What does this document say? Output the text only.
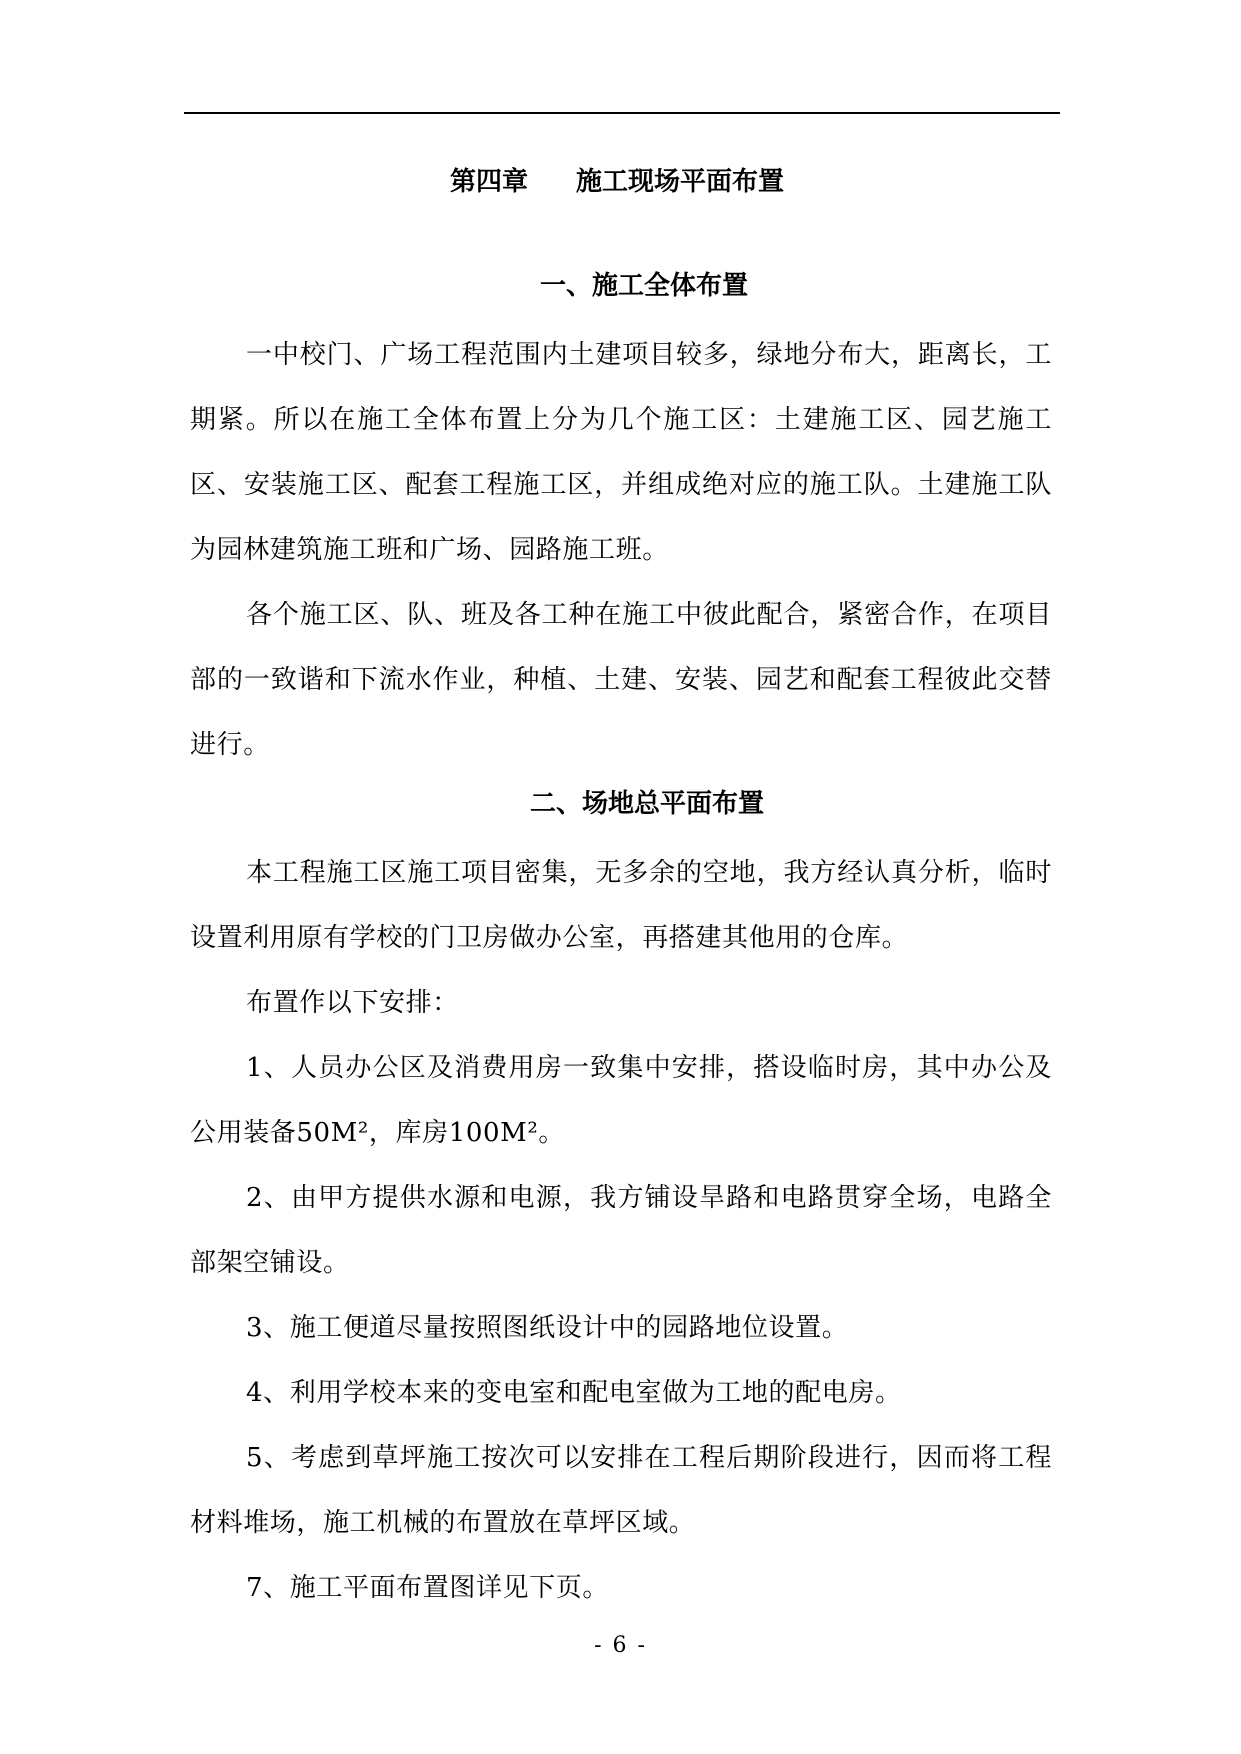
第四章 施工现场平面布置
一、施工全体布置

一中校门、广场工程范围内土建项目较多，绿地分布大，距离长，工期紧。所以在施工全体布置上分为几个施工区：土建施工区、园艺施工区、安装施工区、配套工程施工区，并组成绝对应的施工队。土建施工队为园林建筑施工班和广场、园路施工班。

各个施工区、队、班及各工种在施工中彼此配合，紧密合作，在项目部的一致谐和下流水作业，种植、土建、安装、园艺和配套工程彼此交替进行。

二、场地总平面布置

本工程施工区施工项目密集，无多余的空地，我方经认真分析，临时设置利用原有学校的门卫房做办公室，再搭建其他用的仓库。

布置作以下安排：

1、人员办公区及消费用房一致集中安排，搭设临时房，其中办公及公用装备50M²，库房100M²。

2、由甲方提供水源和电源，我方铺设旱路和电路贯穿全场，电路全部架空铺设。

3、施工便道尽量按照图纸设计中的园路地位设置。

4、利用学校本来的变电室和配电室做为工地的配电房。

5、考虑到草坪施工按次可以安排在工程后期阶段进行，因而将工程材料堆场，施工机械的布置放在草坪区域。

7、施工平面布置图详见下页。

- 6 -
